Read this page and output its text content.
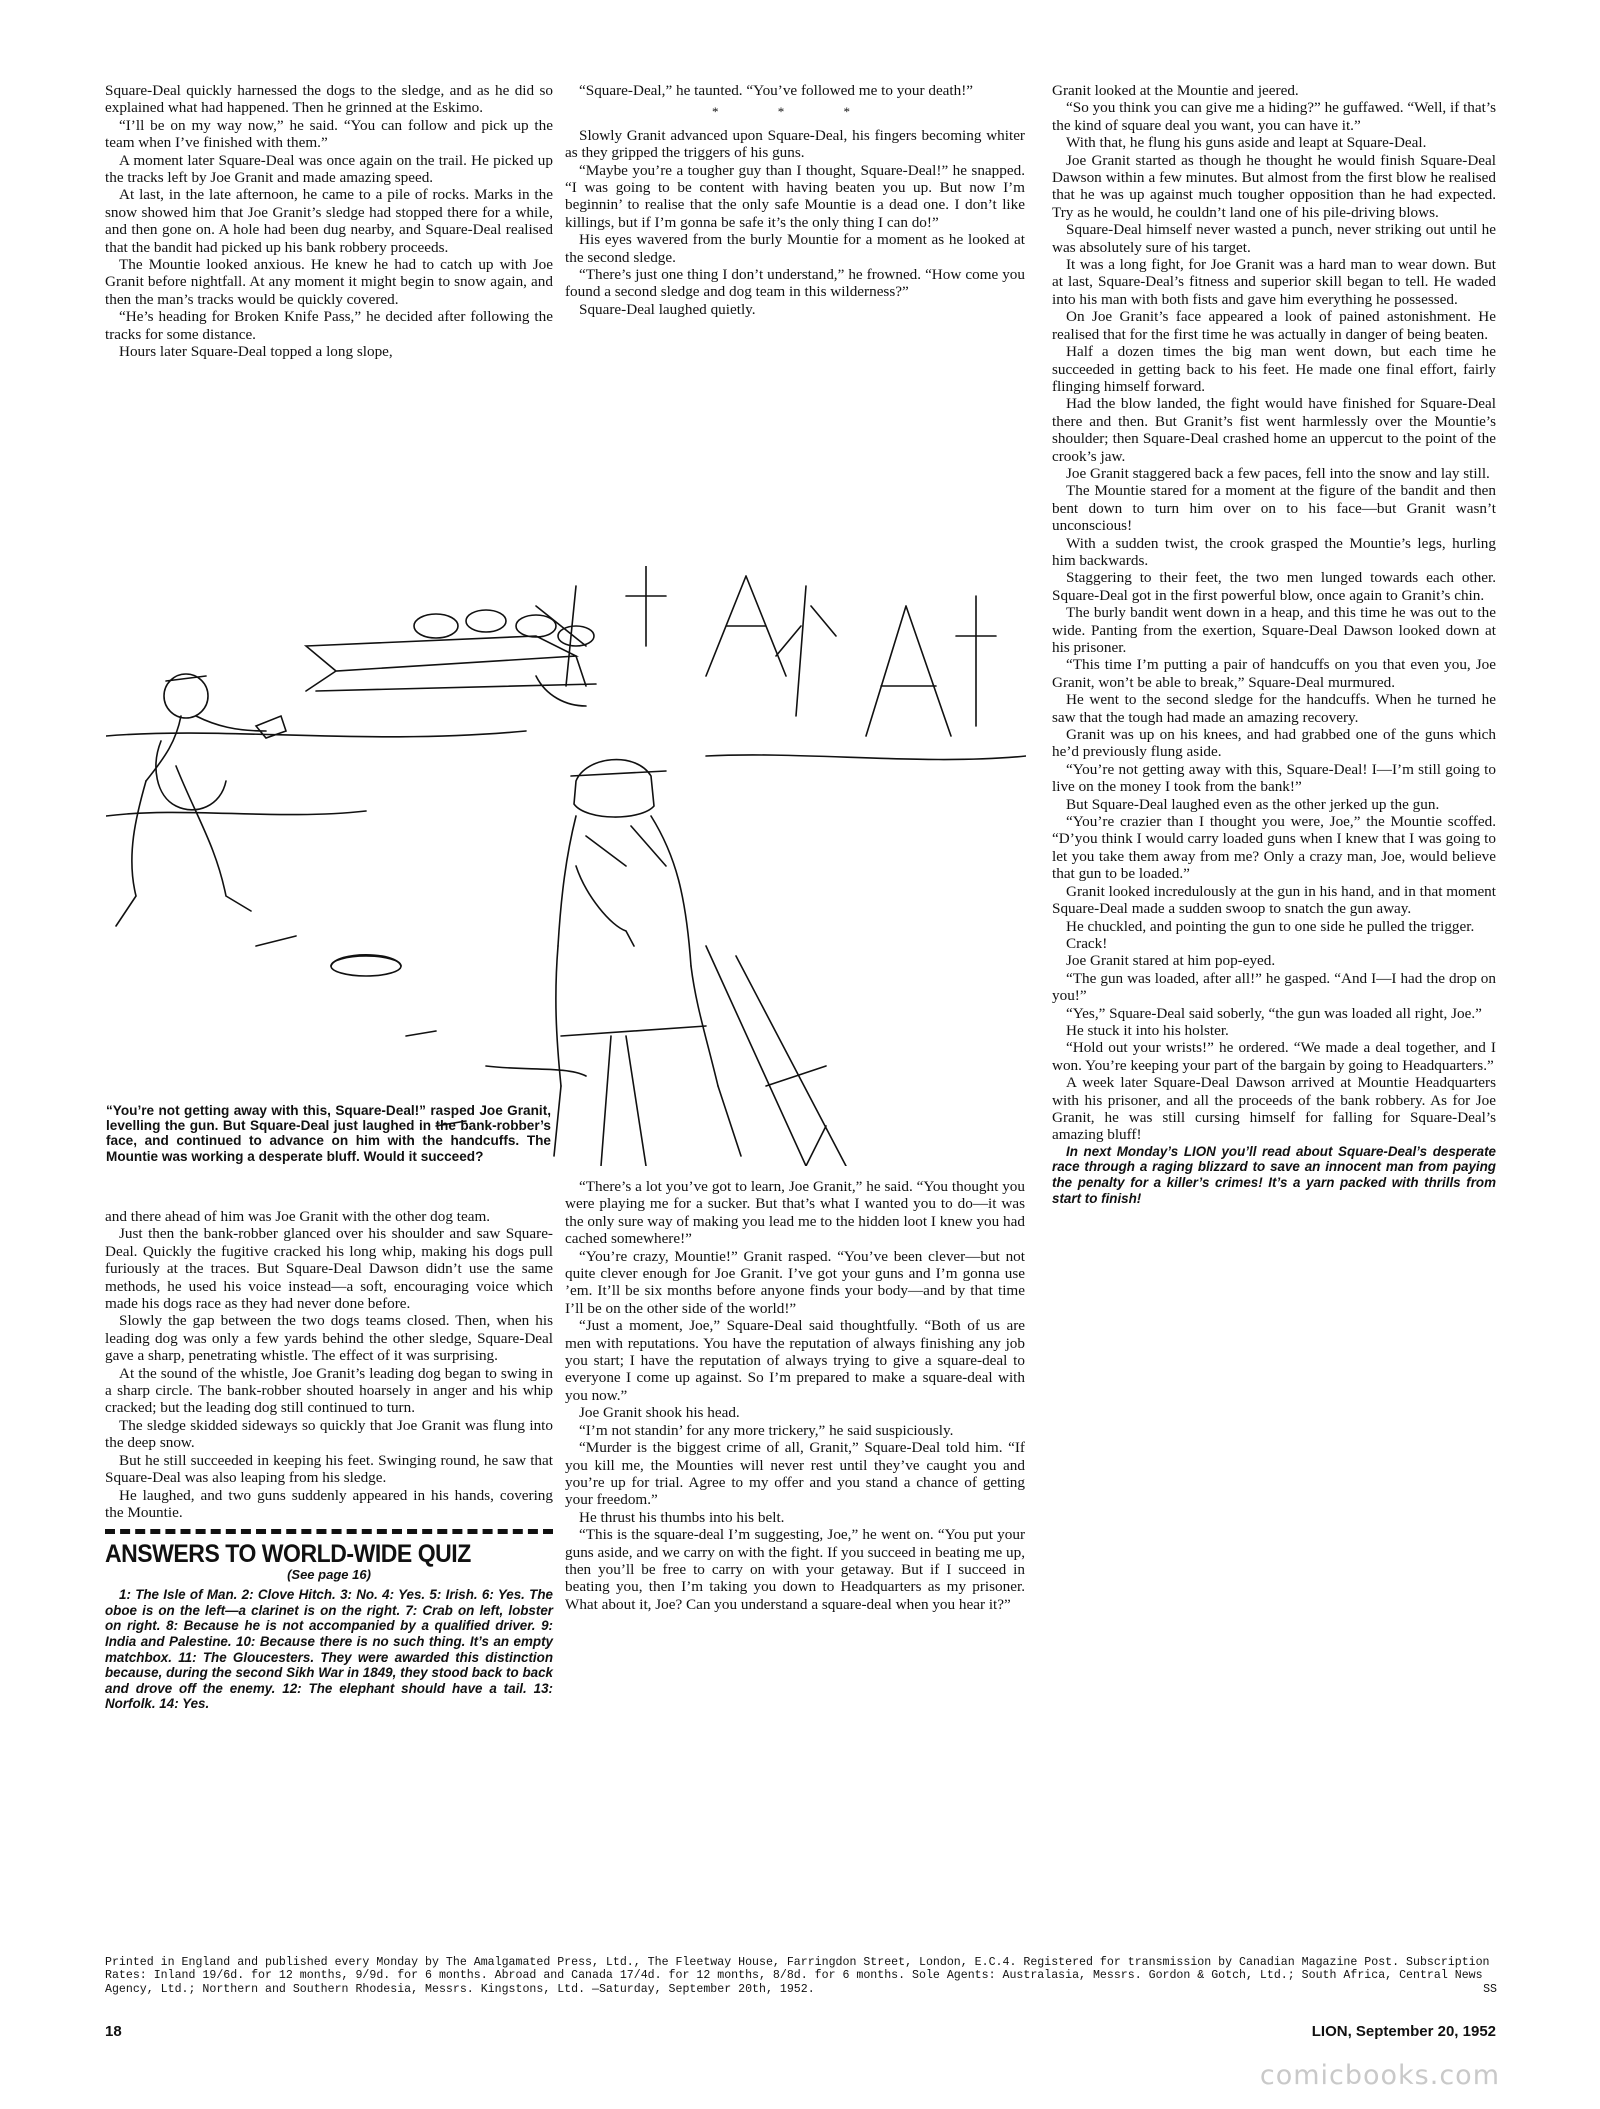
Square-Deal quickly harnessed the dogs to the sledge, and as he did so explained what had happened. Then he grinned at the Eskimo.

“I’ll be on my way now,” he said. “You can follow and pick up the team when I’ve finished with them.”

A moment later Square-Deal was once again on the trail. He picked up the tracks left by Joe Granit and made amazing speed.

At last, in the late afternoon, he came to a pile of rocks. Marks in the snow showed him that Joe Granit’s sledge had stopped there for a while, and then gone on. A hole had been dug nearby, and Square-Deal realised that the bandit had picked up his bank robbery proceeds.

The Mountie looked anxious. He knew he had to catch up with Joe Granit before nightfall. At any moment it might begin to snow again, and then the man’s tracks would be quickly covered.

“He’s heading for Broken Knife Pass,” he decided after following the tracks for some distance.

Hours later Square-Deal topped a long slope,

and there ahead of him was Joe Granit with the other dog team.

Just then the bank-robber glanced over his shoulder and saw Square-Deal. Quickly the fugitive cracked his long whip, making his dogs pull furiously at the traces. But Square-Deal Dawson didn’t use the same methods, he used his voice instead—a soft, encouraging voice which made his dogs race as they had never done before.

Slowly the gap between the two dogs teams closed. Then, when his leading dog was only a few yards behind the other sledge, Square-Deal gave a sharp, penetrating whistle. The effect of it was surprising.

At the sound of the whistle, Joe Granit’s leading dog began to swing in a sharp circle. The bank-robber shouted hoarsely in anger and his whip cracked; but the leading dog still continued to turn.

The sledge skidded sideways so quickly that Joe Granit was flung into the deep snow.

But he still succeeded in keeping his feet. Swinging round, he saw that Square-Deal was also leaping from his sledge.

He laughed, and two guns suddenly appeared in his hands, covering the Mountie.

ANSWERS TO WORLD-WIDE QUIZ
(See page 16)

1: The Isle of Man. 2: Clove Hitch. 3: No. 4: Yes. 5: Irish. 6: Yes. The oboe is on the left—a clarinet is on the right. 7: Crab on left, lobster on right. 8: Because he is not accompanied by a qualified driver. 9: India and Palestine. 10: Because there is no such thing. It’s an empty matchbox. 11: The Gloucesters. They were awarded this distinction because, during the second Sikh War in 1849, they stood back to back and drove off the enemy. 12: The elephant should have a tail. 13: Norfolk. 14: Yes.

“Square-Deal,” he taunted. “You’ve followed me to your death!”

* * *

Slowly Granit advanced upon Square-Deal, his fingers becoming whiter as they gripped the triggers of his guns.

“Maybe you’re a tougher guy than I thought, Square-Deal!” he snapped. “I was going to be content with having beaten you up. But now I’m beginnin’ to realise that the only safe Mountie is a dead one. I don’t like killings, but if I’m gonna be safe it’s the only thing I can do!”

His eyes wavered from the burly Mountie for a moment as he looked at the second sledge.

“There’s just one thing I don’t understand,” he frowned. “How come you found a second sledge and dog team in this wilderness?”

Square-Deal laughed quietly.

“There’s a lot you’ve got to learn, Joe Granit,” he said. “You thought you were playing me for a sucker. But that’s what I wanted you to do—it was the only sure way of making you lead me to the hidden loot I knew you had cached somewhere!”

“You’re crazy, Mountie!” Granit rasped. “You’ve been clever—but not quite clever enough for Joe Granit. I’ve got your guns and I’m gonna use ’em. It’ll be six months before anyone finds your body—and by that time I’ll be on the other side of the world!”

“Just a moment, Joe,” Square-Deal said thoughtfully. “Both of us are men with reputations. You have the reputation of always finishing any job you start; I have the reputation of always trying to give a square-deal to everyone I come up against. So I’m prepared to make a square-deal with you now.”

Joe Granit shook his head.

“I’m not standin’ for any more trickery,” he said suspiciously.

“Murder is the biggest crime of all, Granit,” Square-Deal told him. “If you kill me, the Mounties will never rest until they’ve caught you and you’re up for trial. Agree to my offer and you stand a chance of getting your freedom.”

He thrust his thumbs into his belt.

“This is the square-deal I’m suggesting, Joe,” he went on. “You put your guns aside, and we carry on with the fight. If you succeed in beating me up, then you’ll be free to carry on with your getaway. But if I succeed in beating you, then I’m taking you down to Headquarters as my prisoner. What about it, Joe? Can you understand a square-deal when you hear it?”

Granit looked at the Mountie and jeered.

“So you think you can give me a hiding?” he guffawed. “Well, if that’s the kind of square deal you want, you can have it.”

With that, he flung his guns aside and leapt at Square-Deal.

Joe Granit started as though he thought he would finish Square-Deal Dawson within a few minutes. But almost from the first blow he realised that he was up against much tougher opposition than he had expected. Try as he would, he couldn’t land one of his pile-driving blows.

Square-Deal himself never wasted a punch, never striking out until he was absolutely sure of his target.

It was a long fight, for Joe Granit was a hard man to wear down. But at last, Square-Deal’s fitness and superior skill began to tell. He waded into his man with both fists and gave him everything he possessed.

On Joe Granit’s face appeared a look of pained astonishment. He realised that for the first time he was actually in danger of being beaten.

Half a dozen times the big man went down, but each time he succeeded in getting back to his feet. He made one final effort, fairly flinging himself forward.

Had the blow landed, the fight would have finished for Square-Deal there and then. But Granit’s fist went harmlessly over the Mountie’s shoulder; then Square-Deal crashed home an uppercut to the point of the crook’s jaw.

Joe Granit staggered back a few paces, fell into the snow and lay still.

The Mountie stared for a moment at the figure of the bandit and then bent down to turn him over on to his face—but Granit wasn’t unconscious!

With a sudden twist, the crook grasped the Mountie’s legs, hurling him backwards.

Staggering to their feet, the two men lunged towards each other. Square-Deal got in the first powerful blow, once again to Granit’s chin.

The burly bandit went down in a heap, and this time he was out to the wide. Panting from the exertion, Square-Deal Dawson looked down at his prisoner.

“This time I’m putting a pair of handcuffs on you that even you, Joe Granit, won’t be able to break,” Square-Deal murmured.

He went to the second sledge for the handcuffs. When he turned he saw that the tough had made an amazing recovery.

Granit was up on his knees, and had grabbed one of the guns which he’d previously flung aside.

“You’re not getting away with this, Square-Deal! I—I’m still going to live on the money I took from the bank!”

But Square-Deal laughed even as the other jerked up the gun.

“You’re crazier than I thought you were, Joe,” the Mountie scoffed. “D’you think I would carry loaded guns when I knew that I was going to let you take them away from me? Only a crazy man, Joe, would believe that gun to be loaded.”

Granit looked incredulously at the gun in his hand, and in that moment Square-Deal made a sudden swoop to snatch the gun away.

He chuckled, and pointing the gun to one side he pulled the trigger.

Crack!

Joe Granit stared at him pop-eyed.

“The gun was loaded, after all!” he gasped. “And I—I had the drop on you!”

“Yes,” Square-Deal said soberly, “the gun was loaded all right, Joe.”

He stuck it into his holster.

“Hold out your wrists!” he ordered. “We made a deal together, and I won. You’re keeping your part of the bargain by going to Headquarters.”

A week later Square-Deal Dawson arrived at Mountie Headquarters with his prisoner, and all the proceeds of the bank robbery. As for Joe Granit, he was still cursing himself for falling for Square-Deal’s amazing bluff!

In next Monday’s LION you’ll read about Square-Deal’s desperate race through a raging blizzard to save an innocent man from paying the penalty for a killer’s crimes! It’s a yarn packed with thrills from start to finish!

“You’re not getting away with this, Square-Deal!” rasped Joe Granit, levelling the gun. But Square-Deal just laughed in the bank-robber’s face, and continued to advance on him with the handcuffs. The Mountie was working a desperate bluff. Would it succeed?
Printed in England and published every Monday by The Amalgamated Press, Ltd., The Fleetway House, Farringdon Street, London, E.C.4. Registered for transmission by Canadian Magazine Post. Subscription Rates: Inland 19/6d. for 12 months, 9/9d. for 6 months. Abroad and Canada 17/4d. for 12 months, 8/8d. for 6 months. Sole Agents: Australasia, Messrs. Gordon & Gotch, Ltd.; South Africa, Central News Agency, Ltd.; Northern and Southern Rhodesia, Messrs. Kingstons, Ltd. —Saturday, September 20th, 1952.	SS
18	LION, September 20, 1952
comicbooks.com
